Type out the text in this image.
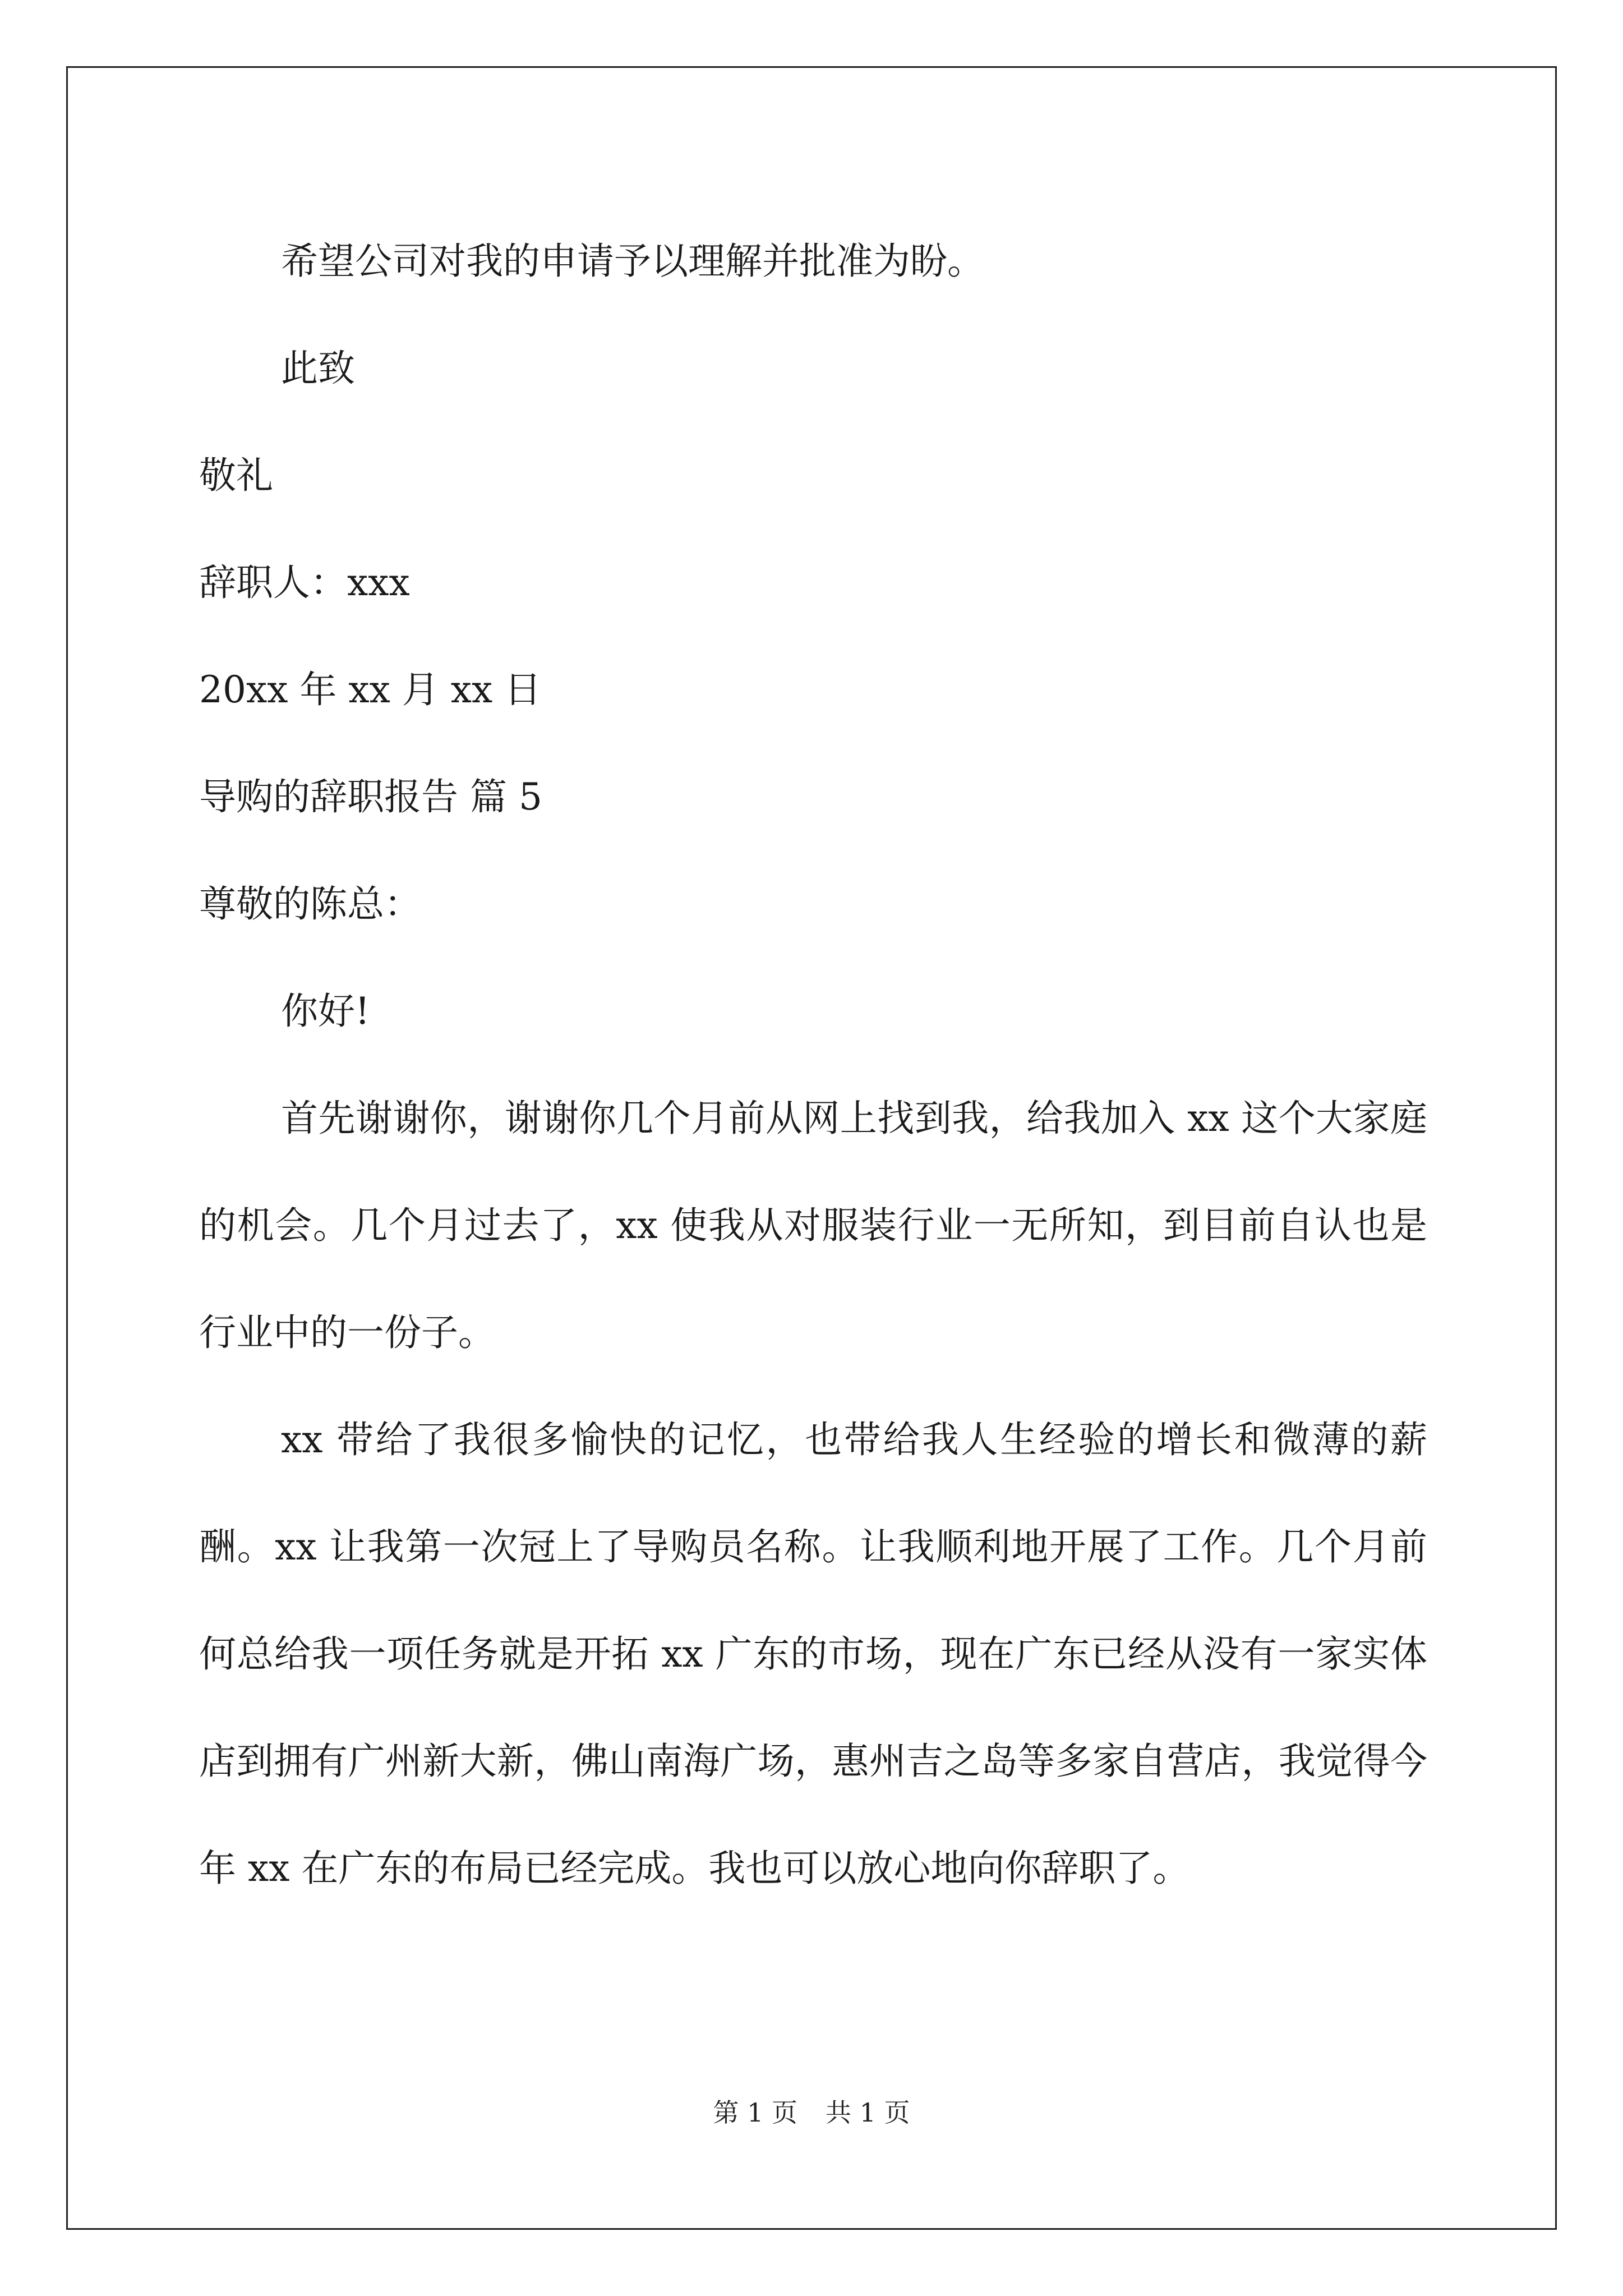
希望公司对我的申请予以理解并批准为盼。
此致
敬礼
辞职人：xxx
20xx 年 xx 月 xx 日
导购的辞职报告 篇 5
尊敬的陈总：
你好!
首先谢谢你，谢谢你几个月前从网上找到我，给我加入 xx 这个大家庭的机会。几个月过去了，xx 使我从对服装行业一无所知，到目前自认也是行业中的一份子。
xx 带给了我很多愉快的记忆，也带给我人生经验的增长和微薄的薪酬。xx 让我第一次冠上了导购员名称。让我顺利地开展了工作。几个月前何总给我一项任务就是开拓 xx 广东的市场，现在广东已经从没有一家实体店到拥有广州新大新，佛山南海广场，惠州吉之岛等多家自营店，我觉得今年 xx 在广东的布局已经完成。我也可以放心地向你辞职了。
第 1 页 共 1 页
